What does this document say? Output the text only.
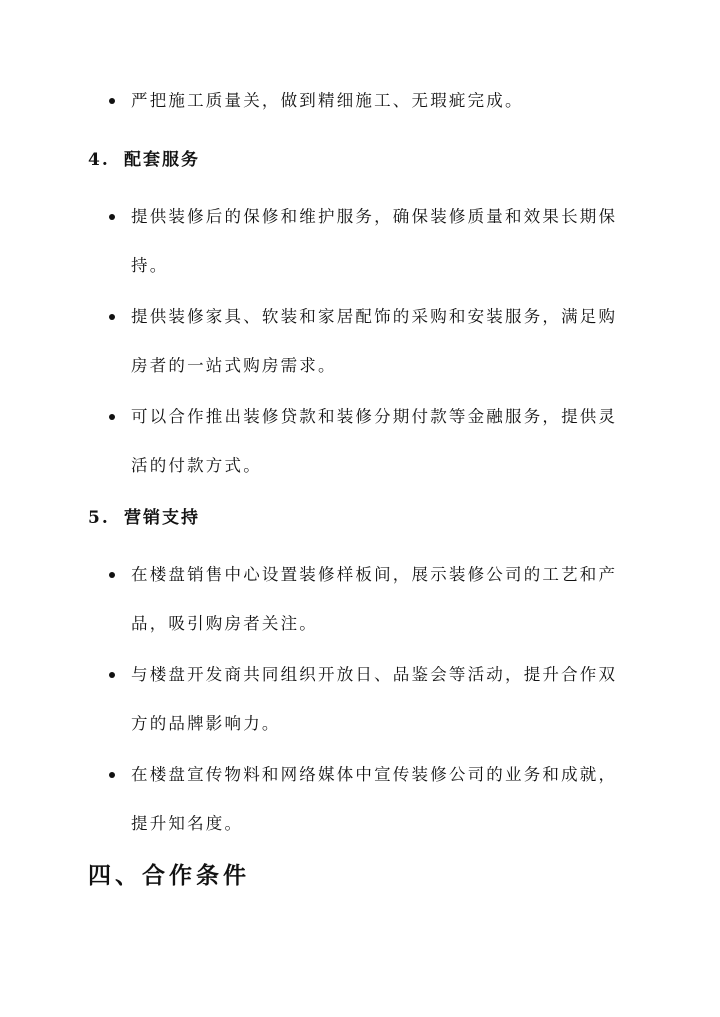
严把施工质量关，做到精细施工、无瑕疵完成。
4. 配套服务
提供装修后的保修和维护服务，确保装修质量和效果长期保
持。
提供装修家具、软装和家居配饰的采购和安装服务，满足购
房者的一站式购房需求。
可以合作推出装修贷款和装修分期付款等金融服务，提供灵
活的付款方式。
5. 营销支持
在楼盘销售中心设置装修样板间，展示装修公司的工艺和产
品，吸引购房者关注。
与楼盘开发商共同组织开放日、品鉴会等活动，提升合作双
方的品牌影响力。
在楼盘宣传物料和网络媒体中宣传装修公司的业务和成就，
提升知名度。
四、合作条件
